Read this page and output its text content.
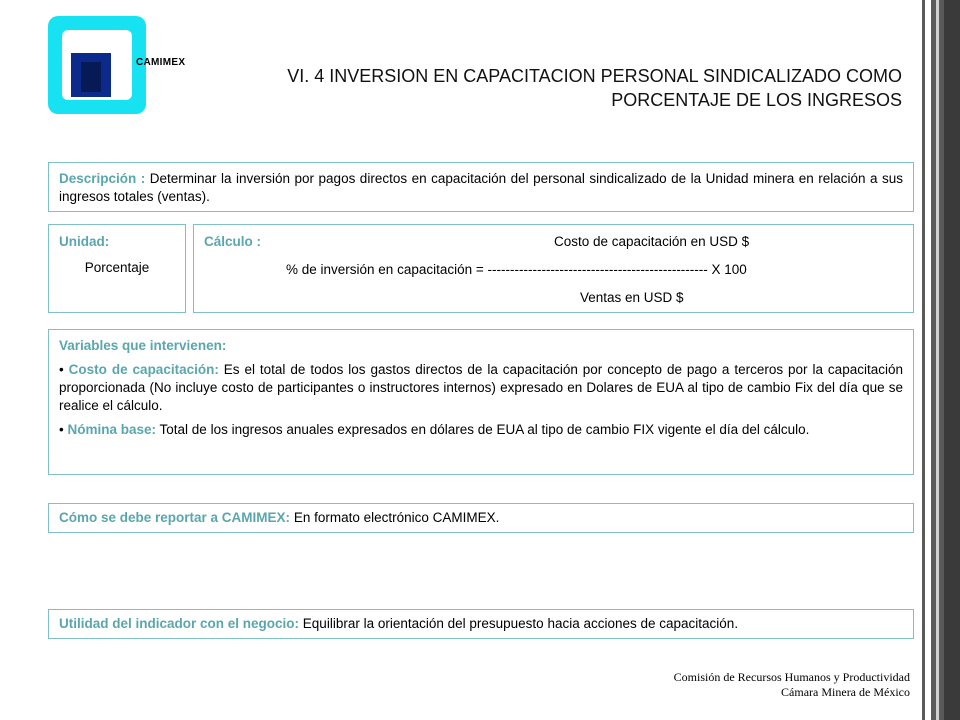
CAMIMEX
VI. 4 INVERSION EN CAPACITACION PERSONAL SINDICALIZADO COMO PORCENTAJE DE LOS INGRESOS
Descripción : Determinar la inversión por pagos directos en capacitación del personal sindicalizado de la Unidad minera en relación a sus ingresos totales (ventas).
Unidad:
Porcentaje
Cálculo :	Costo de capacitación en USD $
% de inversión en capacitación = ------------------------------------------------- X 100
Ventas en USD $

Variables que intervienen:

• Costo de capacitación: Es el total de todos los gastos directos de la capacitación por concepto de pago a terceros por la capacitación proporcionada (No incluye costo de participantes o instructores internos) expresado en Dolares de EUA al tipo de cambio Fix del día que se realice el cálculo.

• Nómina base: Total de los ingresos anuales expresados en dólares de EUA al tipo de cambio FIX vigente el día del cálculo.

Cómo se debe reportar a CAMIMEX: En formato electrónico CAMIMEX.
Utilidad del indicador con el negocio: Equilibrar la orientación del presupuesto hacia acciones de capacitación.
Comisión de Recursos Humanos y Productividad
Cámara Minera de México
